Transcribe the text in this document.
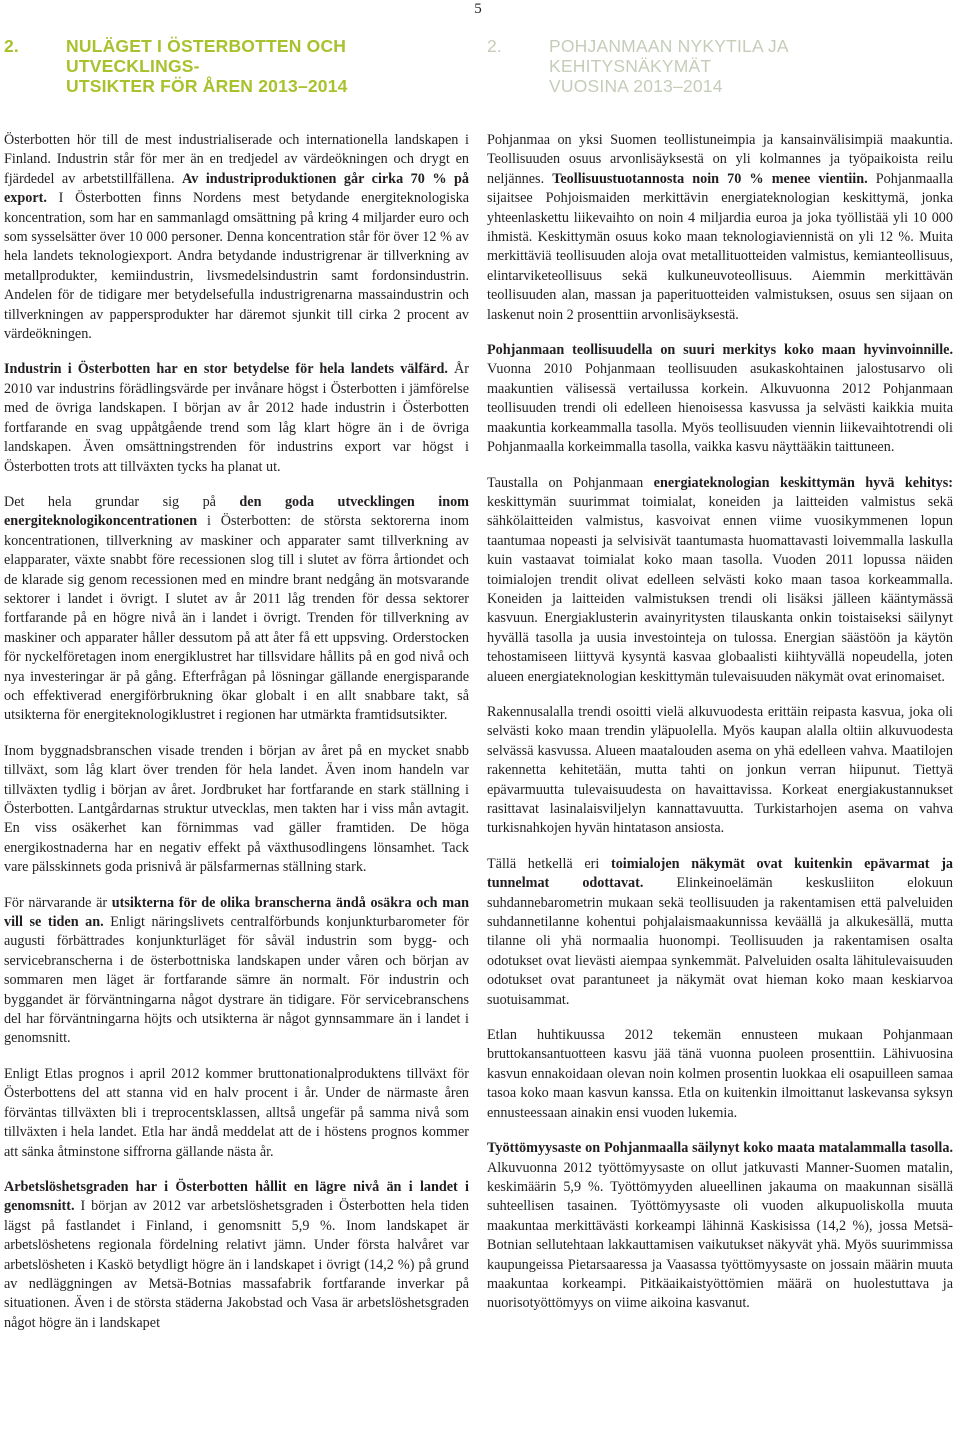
5
2.	NULÄGET I ÖSTERBOTTEN OCH UTVECKLINGS-
UTSIKTER FÖR ÅREN 2013–2014

Österbotten hör till de mest industrialiserade och internationella landskapen i Finland. Industrin står för mer än en tredjedel av värdeökningen och drygt en fjärdedel av arbetstillfällena. Av industriproduktionen går cirka 70 % på export. I Österbotten finns Nordens mest betydande energiteknologiska koncentration, som har en sammanlagd omsättning på kring 4 miljarder euro och som sysselsätter över 10 000 personer. Denna koncentration står för över 12 % av hela landets teknologiexport. Andra betydande industrigrenar är tillverkning av metallprodukter, kemiindustrin, livsmedelsindustrin samt fordonsindustrin. Andelen för de tidigare mer betydelsefulla industrigrenarna massaindustrin och tillverkningen av pappersprodukter har däremot sjunkit till cirka 2 procent av värdeökningen.

Industrin i Österbotten har en stor betydelse för hela landets välfärd. År 2010 var industrins förädlingsvärde per invånare högst i Österbotten i jämförelse med de övriga landskapen. I början av år 2012 hade industrin i Österbotten fortfarande en svag uppåtgående trend som låg klart högre än i de övriga landskapen. Även omsättningstrenden för industrins export var högst i Österbotten trots att tillväxten tycks ha planat ut.

Det hela grundar sig på den goda utvecklingen inom energiteknologikoncentrationen i Österbotten: de största sektorerna inom koncentrationen, tillverkning av maskiner och apparater samt tillverkning av elapparater, växte snabbt före recessionen slog till i slutet av förra årtiondet och de klarade sig genom recessionen med en mindre brant nedgång än motsvarande sektorer i landet i övrigt. I slutet av år 2011 låg trenden för dessa sektorer fortfarande på en högre nivå än i landet i övrigt. Trenden för tillverkning av maskiner och apparater håller dessutom på att åter få ett uppsving. Orderstocken för nyckelföretagen inom energiklustret har tillsvidare hållits på en god nivå och nya investeringar är på gång. Efterfrågan på lösningar gällande energisparande och effektiverad energiförbrukning ökar globalt i en allt snabbare takt, så utsikterna för energiteknologiklustret i regionen har utmärkta framtidsutsikter.

Inom byggnadsbranschen visade trenden i början av året på en mycket snabb tillväxt, som låg klart över trenden för hela landet. Även inom handeln var tillväxten tydlig i början av året. Jordbruket har fortfarande en stark ställning i Österbotten. Lantgårdarnas struktur utvecklas, men takten har i viss mån avtagit. En viss osäkerhet kan förnimmas vad gäller framtiden. De höga energikostnaderna har en negativ effekt på växthusodlingens lönsamhet. Tack vare pälsskinnets goda prisnivå är pälsfarmernas ställning stark.

För närvarande är utsikterna för de olika branscherna ändå osäkra och man vill se tiden an. Enligt näringslivets centralförbunds konjunkturbarometer för augusti förbättrades konjunkturläget för såväl industrin som bygg- och servicebranscherna i de österbottniska landskapen under våren och början av sommaren men läget är fortfarande sämre än normalt. För industrin och byggandet är förväntningarna något dystrare än tidigare. För servicebranschens del har förväntningarna höjts och utsikterna är något gynnsammare än i landet i genomsnitt.

Enligt Etlas prognos i april 2012 kommer bruttonationalproduktens tillväxt för Österbottens del att stanna vid en halv procent i år. Under de närmaste åren förväntas tillväxten bli i treprocentsklassen, alltså ungefär på samma nivå som tillväxten i hela landet. Etla har ändå meddelat att de i höstens prognos kommer att sänka åtminstone siffrorna gällande nästa år.

Arbetslöshetsgraden har i Österbotten hållit en lägre nivå än i landet i genomsnitt. I början av 2012 var arbetslöshetsgraden i Österbotten hela tiden lägst på fastlandet i Finland, i genomsnitt 5,9 %. Inom landskapet är arbetslöshetens regionala fördelning relativt jämn. Under första halvåret var arbetslösheten i Kaskö betydligt högre än i landskapet i övrigt (14,2 %) på grund av nedläggningen av Metsä-Botnias massafabrik fortfarande inverkar på situationen. Även i de största städerna Jakobstad och Vasa är arbetslöshetsgraden något högre än i landskapet

2.	POHJANMAAN NYKYTILA JA KEHITYSNÄKYMÄT
VUOSINA 2013–2014

Pohjanmaa on yksi Suomen teollistuneimpia ja kansainvälisimpiä maakuntia. Teollisuuden osuus arvonlisäyksestä on yli kolmannes ja työpaikoista reilu neljännes. Teollisuustuotannosta noin 70 % menee vientiin. Pohjanmaalla sijaitsee Pohjoismaiden merkittävin energiateknologian keskittymä, jonka yhteenlaskettu liikevaihto on noin 4 miljardia euroa ja joka työllistää yli 10 000 ihmistä. Keskittymän osuus koko maan teknologiaviennistä on yli 12 %. Muita merkittäviä teollisuuden aloja ovat metallituotteiden valmistus, kemianteollisuus, elintarviketeollisuus sekä kulkuneuvoteollisuus. Aiemmin merkittävän teollisuuden alan, massan ja paperituotteiden valmistuksen, osuus sen sijaan on laskenut noin 2 prosenttiin arvonlisäyksestä.

Pohjanmaan teollisuudella on suuri merkitys koko maan hyvinvoinnille. Vuonna 2010 Pohjanmaan teollisuuden asukaskohtainen jalostusarvo oli maakuntien välisessä vertailussa korkein. Alkuvuonna 2012 Pohjanmaan teollisuuden trendi oli edelleen hienoisessa kasvussa ja selvästi kaikkia muita maakuntia korkeammalla tasolla. Myös teollisuuden viennin liikevaihtotrendi oli Pohjanmaalla korkeimmalla tasolla, vaikka kasvu näyttääkin taittuneen.

Taustalla on Pohjanmaan energiateknologian keskittymän hyvä kehitys: keskittymän suurimmat toimialat, koneiden ja laitteiden valmistus sekä sähkölaitteiden valmistus, kasvoivat ennen viime vuosikymmenen lopun taantumaa nopeasti ja selvisivät taantumasta huomattavasti loivemmalla laskulla kuin vastaavat toimialat koko maan tasolla. Vuoden 2011 lopussa näiden toimialojen trendit olivat edelleen selvästi koko maan tasoa korkeammalla. Koneiden ja laitteiden valmistuksen trendi oli lisäksi jälleen kääntymässä kasvuun. Energiaklusterin avainyritysten tilauskanta onkin toistaiseksi säilynyt hyvällä tasolla ja uusia investointeja on tulossa. Energian säästöön ja käytön tehostamiseen liittyvä kysyntä kasvaa globaalisti kiihtyvällä nopeudella, joten alueen energiateknologian keskittymän tulevaisuuden näkymät ovat erinomaiset.

Rakennusalalla trendi osoitti vielä alkuvuodesta erittäin reipasta kasvua, joka oli selvästi koko maan trendin yläpuolella. Myös kaupan alalla oltiin alkuvuodesta selvässä kasvussa. Alueen maatalouden asema on yhä edelleen vahva. Maatilojen rakennetta kehitetään, mutta tahti on jonkun verran hiipunut. Tiettyä epävarmuutta tulevaisuudesta on havaittavissa. Korkeat energiakustannukset rasittavat lasinalaisviljelyn kannattavuutta. Turkistarhojen asema on vahva turkisnahkojen hyvän hintatason ansiosta.

Tällä hetkellä eri toimialojen näkymät ovat kuitenkin epävarmat ja tunnelmat odottavat. Elinkeinoelämän keskusliiton elokuun suhdannebarometrin mukaan sekä teollisuuden ja rakentamisen että palveluiden suhdannetilanne kohentui pohjalaismaakunnissa keväällä ja alkukesällä, mutta tilanne oli yhä normaalia huonompi. Teollisuuden ja rakentamisen osalta odotukset ovat lievästi aiempaa synkemmät. Palveluiden osalta lähitulevaisuuden odotukset ovat parantuneet ja näkymät ovat hieman koko maan keskiarvoa suotuisammat.

Etlan huhtikuussa 2012 tekemän ennusteen mukaan Pohjanmaan bruttokansantuotteen kasvu jää tänä vuonna puoleen prosenttiin. Lähivuosina kasvun ennakoidaan olevan noin kolmen prosentin luokkaa eli osapuilleen samaa tasoa koko maan kasvun kanssa. Etla on kuitenkin ilmoittanut laskevansa syksyn ennusteessaan ainakin ensi vuoden lukemia.

Työttömyysaste on Pohjanmaalla säilynyt koko maata matalammalla tasolla. Alkuvuonna 2012 työttömyysaste on ollut jatkuvasti Manner-Suomen matalin, keskimäärin 5,9 %. Työttömyyden alueellinen jakauma on maakunnan sisällä suhteellisen tasainen. Työttömyysaste oli vuoden alkupuoliskolla muuta maakuntaa merkittävästi korkeampi lähinnä Kaskisissa (14,2 %), jossa Metsä-Botnian sellutehtaan lakkauttamisen vaikutukset näkyvät yhä. Myös suurimmissa kaupungeissa Pietarsaaressa ja Vaasassa työttömyysaste on jossain määrin muuta maakuntaa korkeampi. Pitkäaikaistyöttömien määrä on huolestuttava ja nuorisotyöttömyys on viime aikoina kasvanut.
